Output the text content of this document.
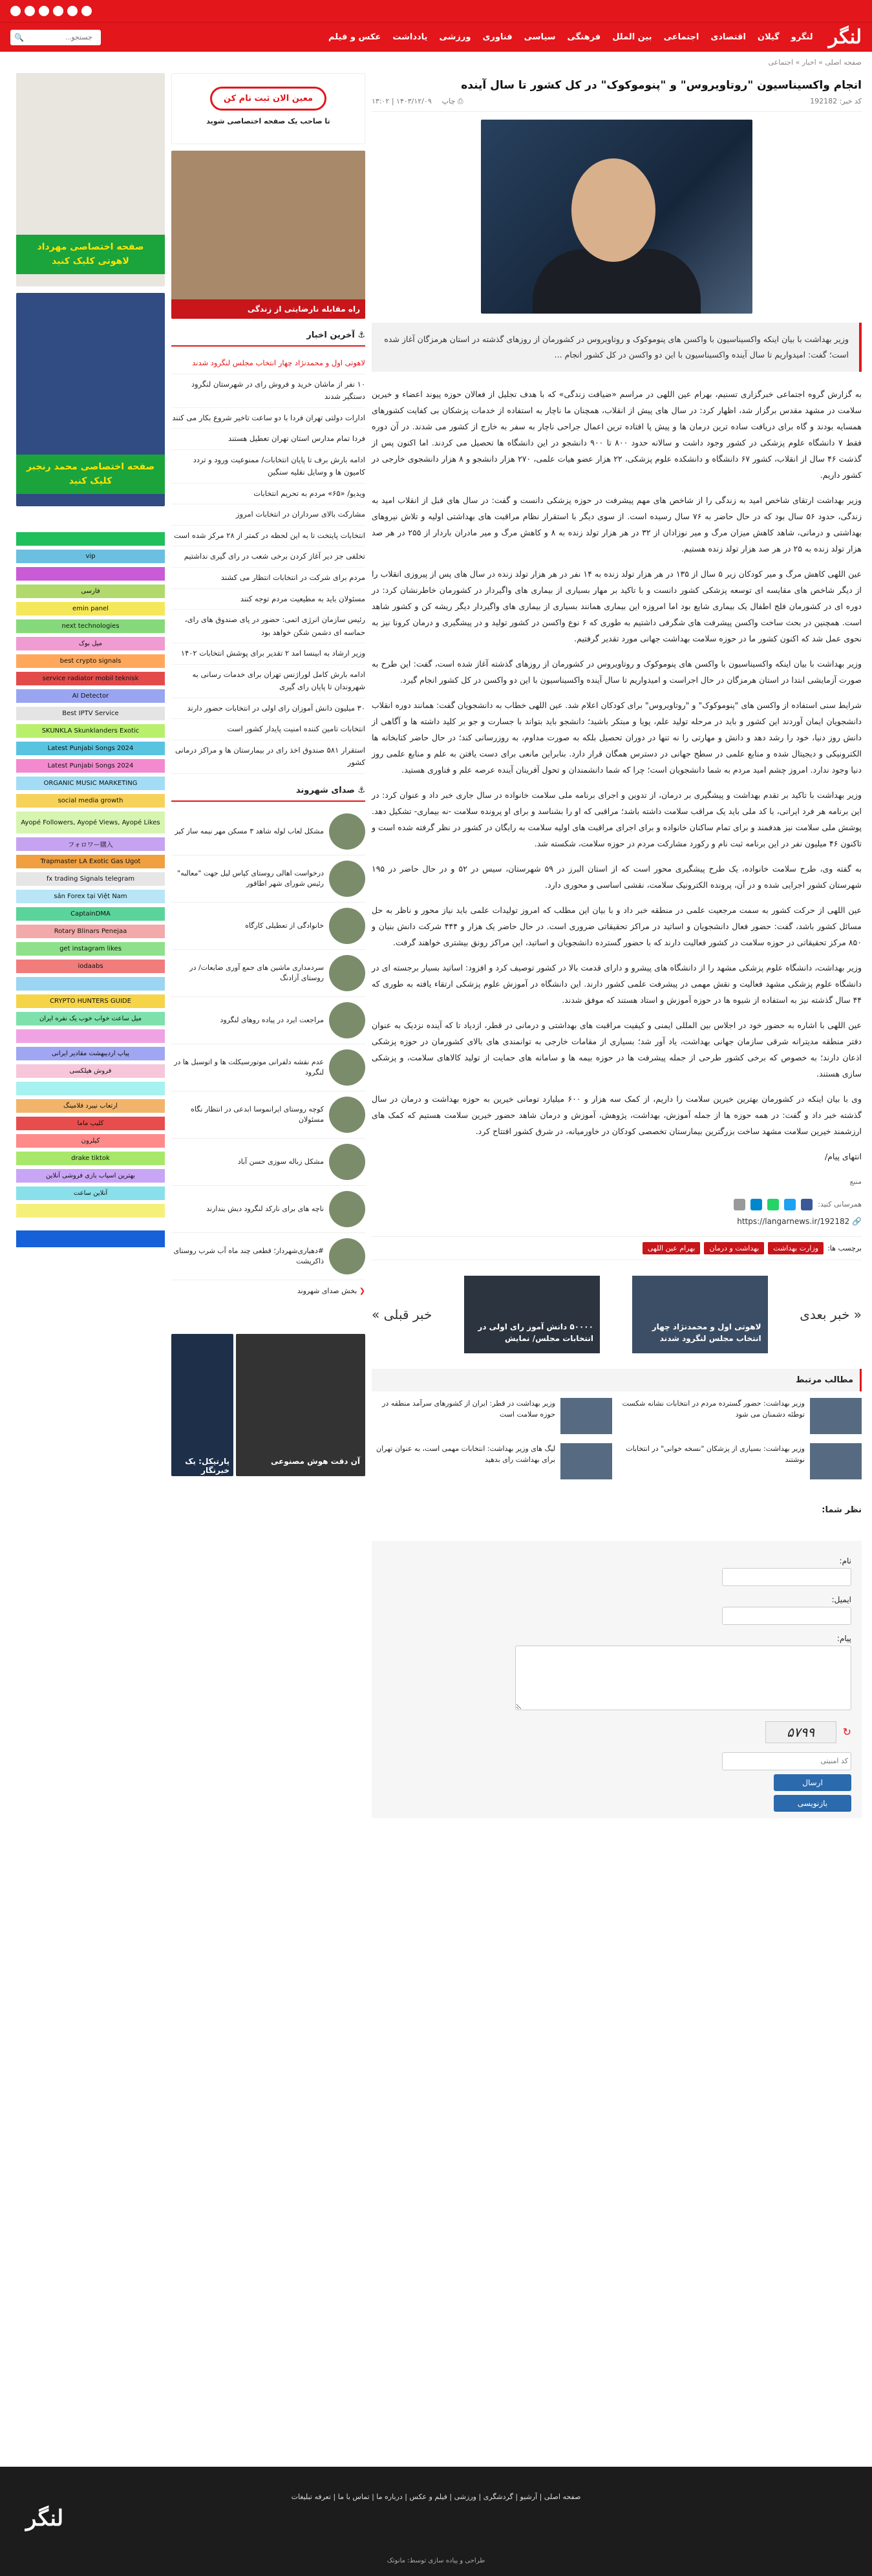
لنگر
لنگرو
گیلان
اقتصادی
اجتماعی
بین الملل
فرهنگی
سیاسی
فناوری
ورزشی
یادداشت
عکس و فیلم
🔍
جستجو...
صفحه اصلی » اخبار » اجتماعی
انجام واکسیناسیون "روتاویروس" و "پنوموکوک" در کل کشور تا سال آینده
کد خبر: 192182
⎙ چاپ
۱۴۰۳/۱۲/۰۹ | ۱۳:۰۲
وزیر بهداشت با بیان اینکه واکسیناسیون با واکسن های پنوموکوک و روتاویروس در کشورمان از روزهای گذشته در استان هرمزگان آغاز شده است؛ گفت: امیدواریم تا سال آینده واکسیناسیون با این دو واکسن در کل کشور انجام ...

به گزارش گروه اجتماعی خبرگزاری تسنیم، بهرام عین اللهی در مراسم «ضیافت زندگی» که با هدف تجلیل از فعالان حوزه پیوند اعضاء و خیرین سلامت در مشهد مقدس برگزار شد، اظهار کرد: در سال های پیش از انقلاب، همچنان ما ناچار به استفاده از خدمات پزشکان بی کفایت کشورهای همسایه بودند و گاه برای دریافت ساده ترین درمان ها و پیش پا افتاده ترین اعمال جراحی ناچار به سفر به خارج از کشور می شدند. در آن دوره فقط ۷ دانشگاه علوم پزشکی در کشور وجود داشت و سالانه حدود ۸۰۰ تا ۹۰۰ دانشجو در این دانشگاه ها تحصیل می کردند. اما اکنون پس از گذشت ۴۶ سال از انقلاب، کشور ۶۷ دانشگاه و دانشکده علوم پزشکی، ۲۲ هزار عضو هیات علمی، ۲۷۰ هزار دانشجو و ۸ هزار دانشجوی خارجی در کشور داریم.

وزیر بهداشت ارتقای شاخص امید به زندگی را از شاخص های مهم پیشرفت در حوزه پزشکی دانست و گفت: در سال های قبل از انقلاب امید به زندگی، حدود ۵۶ سال بود که در حال حاضر به ۷۶ سال رسیده است. از سوی دیگر با استقرار نظام مراقبت های بهداشتی اولیه و تلاش نیروهای بهداشتی و درمانی، شاهد کاهش میزان مرگ و میر نوزادان از ۳۲ در هر هزار تولد زنده به ۸ و کاهش مرگ و میر مادران باردار از ۲۵۵ در هر صد هزار تولد زنده به ۲۵ در هر صد هزار تولد زنده هستیم.

عین اللهی کاهش مرگ و میر کودکان زیر ۵ سال از ۱۳۵ در هر هزار تولد زنده به ۱۴ نفر در هر هزار تولد زنده در سال های پس از پیروزی انقلاب را از دیگر شاخص های مقایسه ای توسعه پزشکی کشور دانست و با تاکید بر مهار بسیاری از بیماری های واگیردار در کشورمان خاطرنشان کرد: در دوره ای در کشورمان فلج اطفال یک بیماری شایع بود اما امروزه این بیماری همانند بسیاری از بیماری های واگیردار دیگر ریشه کن و کشور شاهد است. همچنین در بحث ساخت واکسن پیشرفت های شگرفی داشتیم به طوری که ۶ نوع واکسن در کشور تولید و در پیشگیری و درمان کرونا نیز به نحوی عمل شد که اکنون کشور ما در حوزه سلامت بهداشت جهانی مورد تقدیر گرفتیم.

وزیر بهداشت با بیان اینکه واکسیناسیون با واکسن های پنوموکوک و روتاویروس در کشورمان از روزهای گذشته آغاز شده است، گفت: این طرح به صورت آزمایشی ابتدا در استان هرمزگان در حال اجراست و امیدواریم تا سال آینده واکسیناسیون با این دو واکسن در کل کشور انجام گیرد.

شرایط سنی استفاده از واکسن های "پنوموکوک" و "روتاویروس" برای کودکان اعلام شد. عین اللهی خطاب به دانشجویان گفت: همانند دوره انقلاب دانشجویان ایمان آوردند این کشور و باید در مرحله تولید علم، پویا و مبتکر باشید؛ دانشجو باید بتواند با جسارت و جو بر کلید داشته ها و آگاهی از دانش روز دنیا، خود را رشد دهد و دانش و مهارتی را نه تنها در دوران تحصیل بلکه به صورت مداوم، به روزرسانی کند؛ در حال حاضر کتابخانه ها الکترونیکی و دیجیتال شده و منابع علمی در سطح جهانی در دسترس همگان قرار دارد. بنابراین مانعی برای دست یافتن به علم و منابع علمی روز دنیا وجود ندارد. امروز چشم امید مردم به شما دانشجویان است؛ چرا که شما دانشمندان و تحول آفرینان آینده عرصه علم و فناوری هستید.

وزیر بهداشت با تاکید بر تقدم بهداشت و پیشگیری بر درمان، از تدوین و اجرای برنامه ملی سلامت خانواده در سال جاری خبر داد و عنوان کرد: در این برنامه هر فرد ایرانی، با کد ملی باید یک مراقب سلامت داشته باشد؛ مراقبی که او را بشناسد و برای او پرونده سلامت -نه بیماری- تشکیل دهد. پوشش ملی سلامت نیز هدفمند و برای تمام ساکنان خانواده و برای اجرای مراقبت های اولیه سلامت به رایگان در کشور در نظر گرفته شده است و تاکنون ۴۶ میلیون نفر در این برنامه ثبت نام و رکورد مشارکت مردم در حوزه سلامت، شکسته شد.

به گفته وی، طرح سلامت خانواده، یک طرح پیشگیری محور است که از استان البرز در ۵۹ شهرستان، سیس در ۵۲ و در حال حاضر در ۱۹۵ شهرستان کشور اجرایی شده و در آن، پرونده الکترونیک سلامت، نقشی اساسی و محوری دارد.

عین اللهی از حرکت کشور به سمت مرجعیت علمی در منطقه خبر داد و با بیان این مطلب که امروز تولیدات علمی باید نیاز محور و ناظر به حل مسائل کشور باشد، گفت: حضور فعال دانشجویان و اساتید در مراکز تحقیقاتی ضروری است. در حال حاضر یک هزار و ۴۴۴ شرکت دانش بنیان و ۸۵۰ مرکز تحقیقاتی در حوزه سلامت در کشور فعالیت دارند که با حضور گسترده دانشجویان و اساتید، این مراکز رونق بیشتری خواهند گرفت.

وزیر بهداشت، دانشگاه علوم پزشکی مشهد را از دانشگاه های پیشرو و دارای قدمت بالا در کشور توصیف کرد و افزود: اساتید بسیار برجسته ای در دانشگاه علوم پزشکی مشهد فعالیت و نقش مهمی در پیشرفت علمی کشور دارند. این دانشگاه در آموزش علوم پزشکی ارتقاء یافته به طوری که ۴۴ سال گذشته نیز به استفاده از شیوه ها در حوزه آموزش و استاد هستند که موفق شدند.

عین اللهی با اشاره به حضور خود در اجلاس بین المللی ایمنی و کیفیت مراقبت های بهداشتی و درمانی در قطر، ازدیاد تا که آینده نزدیک به عنوان دفتر منطقه مدیترانه شرقی سازمان جهانی بهداشت، یاد آور شد؛ بسیاری از مقامات خارجی به توانمندی های بالای کشورمان در حوزه پزشکی اذعان دارند؛ به خصوص که برخی کشور طرحی از جمله پیشرفت ها در حوزه بیمه ها و سامانه های حمایت از تولید کالاهای سلامت، و پزشکی سازی هستند.

وی با بیان اینکه در کشورمان بهترین خیرین سلامت را داریم، از کمک سه هزار و ۶۰۰ میلیارد تومانی خیرین به حوزه بهداشت و درمان در سال گذشته خبر داد و گفت: در همه حوزه ها از جمله آموزش، بهداشت، پژوهش، آموزش و درمان شاهد حضور خیرین سلامت هستیم که کمک های ارزشمند خیرین سلامت مشهد ساخت بزرگترین بیمارستان تخصصی کودکان در خاورمیانه، در شرق کشور افتتاح کرد.

انتهای پیام/

منبع
همرسانی کنید:
🔗 https://langarnews.ir/192182
برچسب ها:
وزارت بهداشت
بهداشت و درمان
بهرام عین اللهی
« خبر بعدی
لاهوتی اول و محمدنژاد چهار انتخاب مجلس لنگرود شدند
۵۰۰۰۰ دانش آموز رای اولی در انتخابات مجلس/ نمایش
خبر قبلی »
مطالب مرتبط
وزیر بهداشت: حضور گسترده مردم در انتخابات نشانه شکست توطئه دشمنان می شود
وزیر بهداشت در قطر: ایران از کشورهای سرآمد منطقه در حوزه سلامت است
وزیر بهداشت: بسیاری از پزشکان "نسخه خوانی" در انتخابات نوشتند
لیگ های وزیر بهداشت: انتخابات مهمی است، به عنوان تهران برای بهداشت رای بدهید
نظر شما:
نام:
ایمیل:
پیام:
↻
۵۷۹۹
کد امنیتی
ارسال
بازنویسی
معین الان ثبت نام کن
تا صاحب یک صفحه اختصاصی شوید
راه مقابله نارضایتی از زندگی
⚓ آخرین اخبار
لاهوتی اول و محمدنژاد چهار انتخاب مجلس لنگرود شدند
۱۰ نفر از ماشان خرید و فروش رای در شهرستان لنگرود دستگیر شدند
ادارات دولتی تهران فردا با دو ساعت تاخیر شروع بکار می کنند
فردا تمام مدارس استان تهران تعطیل هستند
ادامه بارش برف تا پایان انتخابات/ ممنوعیت ورود و تردد کامیون ها و وسایل نقلیه سنگین
ویدیو/ «۶۵» مردم به تحریم انتخابات
مشارکت بالای سرداران در انتخابات امروز
انتخابات پایتخت تا به این لحظه در کمتر از ۲۸ مرکز شده است
تخلفی جز دیر آغاز کردن برخی شعب در رای گیری نداشتیم
مردم برای شرکت در انتخابات انتظار می کشند
مسئولان باید به مطیعیت مردم توجه کنند
رئیس سازمان انرژی اتمی: حضور در پای صندوق های رای، حماسه ای دشمن شکن خواهد بود
وزیر ارشاد به ابینسا امد ۲ تقدیر برای پوشش انتخابات ۱۴۰۲
ادامه بارش کامل لوراژنس تهران برای خدمات رسانی به شهروندان تا پایان رای گیری
۳۰ میلیون دانش آموزان رای اولی در انتخابات حضور دارند
انتخابات تامین کننده امنیت پایدار کشور است
استقرار ۵۸۱ صندوق اخذ رای در بیمارستان ها و مراکز درمانی کشور
⚓ صدای شهروند
مشکل لعاب لوله شاهد ۳ مسکن مهر نیمه ساز کیز
درخواست اهالی روستای کپاس لیل جهت "معالبه" رئیس شورای شهر اطاقور
خانوادگی از تعطیلی کارگاه
سردمداری ماشین های جمع آوری ضایعات/ در روستای آزادنگ
مراجعت ایرد در پیاده روهای لنگرود
عدم نقشه دلفرانی موتورسیکلت ها و اتوسبل ها در لنگرود
کوچه روستای ایرانموسا ابدعی در انتظار نگاه مسئولان
مشکل زباله سوزی حسن آباد
ناچه های برای نارکد لنگرود دیش بندارند
#دهیاری‌شهردار؛ قطعی چند ماه آب شرب روستای ذاکرپشت
❮ بخش صدای شهروند
آن دقت هوش مصنوعی
پارتیکل: یک خبرنگار
صفحه اختصاصی مهرداد لاهوتی کلیک کنید
صفحه اختصاصی محمد رنجبر کلیک کنید
vip
فارسی
emin panel
next technologies
میل بوک
best crypto signals
service radiator mobil teknisk
AI Detector
Best IPTV Service
SKUNKLA Skunklanders Exotic
Latest Punjabi Songs 2024
Latest Punjabi Songs 2024
ORGANIC MUSIC MARKETING
social media growth
Ayopé Followers, Ayopé Views, Ayopé Likes
フォロワー購入
Trapmaster LA Exotic Gas Ugot
fx trading Signals telegram
sản Forex tại Việt Nam
CaptainDMA
Rotary Blinars Penejaa
get instagram likes
iodaabs
CRYPTO HUNTERS GUIDE
میل ساعت خواب خوب یک نفره ایران
پیاپ اردیبهشت مقادیر ایرانی
فروش هیلکسی
ارتعاب نیبرد فلامینگ
کلیپ ماما
کیلرون
drake tiktok
بهترین اسپاب بازی فروشی آنلاین
آنلاین ساعت
صفحه اصلی | آرشیو | گردشگری | ورزشی | فیلم و عکس | درباره ما | تماس با ما | تعرفه تبلیغات
لنگر
طراحی و پیاده سازی توسط: مانوتک
